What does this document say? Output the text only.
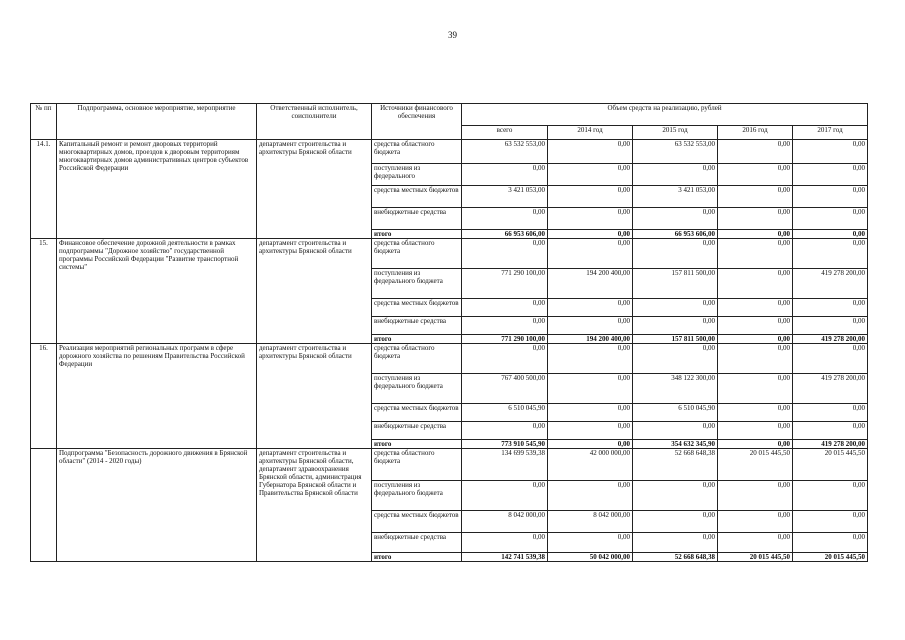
39
№ пп	Подпрограмма, основное мероприятие, мероприятие	Ответственный исполнитель, соисполнители	Источники финансового обеспечения	Объем средств на реализацию, рублей				
				всего	2014 год	2015 год	2016 год	2017 год
14.1.	Капитальный ремонт и ремонт дворовых территорий многоквартирных домов, проездов к дворовым территориям многоквартирных домов административных центров субъектов Российской Федерации	департамент строительства и архитектуры Брянской области	средства областного бюджета	63 532 553,00	0,00	63 532 553,00	0,00	0,00
			поступления из федерального	0,00	0,00	0,00	0,00	0,00
			средства местных бюджетов	3 421 053,00	0,00	3 421 053,00	0,00	0,00
			внебюджетные средства	0,00	0,00	0,00	0,00	0,00
			итого	66 953 606,00	0,00	66 953 606,00	0,00	0,00
15.	Финансовое обеспечение дорожной деятельности в рамках подпрограммы "Дорожное хозяйство" государственной программы Российской Федерации "Развитие транспортной системы"	департамент строительства и архитектуры Брянской области	средства областного бюджета	0,00	0,00	0,00	0,00	0,00
			поступления из федерального бюджета	771 290 100,00	194 200 400,00	157 811 500,00	0,00	419 278 200,00
			средства местных бюджетов	0,00	0,00	0,00	0,00	0,00
			внебюджетные средства	0,00	0,00	0,00	0,00	0,00
			итого	771 290 100,00	194 200 400,00	157 811 500,00	0,00	419 278 200,00
16.	Реализация мероприятий региональных программ в сфере дорожного хозяйства по решениям Правительства Российской Федерации	департамент строительства и архитектуры Брянской области	средства областного бюджета	0,00	0,00	0,00	0,00	0,00
			поступления из федерального бюджета	767 400 500,00	0,00	348 122 300,00	0,00	419 278 200,00
			средства местных бюджетов	6 510 045,90	0,00	6 510 045,90	0,00	0,00
			внебюджетные средства	0,00	0,00	0,00	0,00	0,00
			итого	773 910 545,90	0,00	354 632 345,90	0,00	419 278 200,00
	Подпрограмма "Безопасность дорожного движения в Брянской области" (2014 - 2020 годы)	департамент строительства и архитектуры Брянской области, департамент здравоохранения Брянской области, администрация Губернатора Брянской области и Правительства Брянской области	средства областного бюджета	134 699 539,38	42 000 000,00	52 668 648,38	20 015 445,50	20 015 445,50
			поступления из федерального бюджета	0,00	0,00	0,00	0,00	0,00
			средства местных бюджетов	8 042 000,00	8 042 000,00	0,00	0,00	0,00
			внебюджетные средства	0,00	0,00	0,00	0,00	0,00
			итого	142 741 539,38	50 042 000,00	52 668 648,38	20 015 445,50	20 015 445,50
